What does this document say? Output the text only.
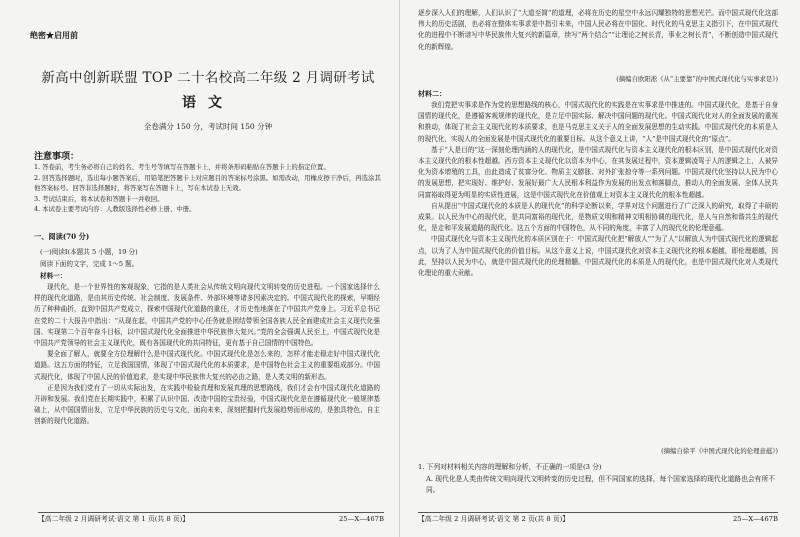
绝密★启用前
新高中创新联盟 TOP 二十名校高二年级 2 月调研考试
语文
全卷满分 150 分，考试时间 150 分钟
注意事项：

1. 答卷前，考生务必将自己的姓名、考生号等填写在答题卡上，并将条形码粘贴在答题卡上的指定位置。

2. 回答选择题时，选出每小题答案后，用铅笔把答题卡上对应题目的答案标号涂黑。如需改动，用橡皮擦干净后，再选涂其他答案标号。回答非选择题时，将答案写在答题卡上，写在本试卷上无效。

3. 考试结束后，将本试卷和答题卡一并收回。

4. 本试卷主要考试内容：人教版选择性必修上册、中册。

一、阅读(70 分)
(一)阅读Ⅰ(本题共 5 小题，19 分)
阅读下面的文字，完成 1～5 题。
材料一：

现代化，是一个世界性的客观现象，它指的是人类社会从传统文明向现代文明转变的历史进程。一个国家选择什么样的现代化道路，是由其历史传统、社会制度、发展条件、外部环境等诸多因素决定的。中国式现代化的探索，早期经历了种种曲折，直到中国共产党成立，探索中国现代化道路的重任，才历史性地落在了中国共产党身上。习近平总书记在党的二十大报告中指出：“从现在起，中国共产党的中心任务就是团结带领全国各族人民全面建成社会主义现代化强国、实现第二个百年奋斗目标，以中国式现代化全面推进中华民族伟大复兴。”党的全会强调人民至上，中国式现代化是中国共产党领导的社会主义现代化，既有各国现代化的共同特征，更有基于自己国情的中国特色。

要全面了解人，就要全方位理解什么是中国式现代化。中国式现代化是怎么来的，怎样才能走稳走好中国式现代化道路。这五方面的特征，立足我国国情，体现了中国式现代化的本质要求，是中国特色社会主义的重要组成部分。中国式现代化，体现了中国人民的价值追求，是实现中华民族伟大复兴的必由之路，是人类文明的新形态。

正是因为我们党有了一切从实际出发，在实践中检验真理和发展真理的思想路线，我们才会有中国式现代化道路的开辟和发展。我们党在长期实践中，积累了认识中国、改造中国的宝贵经验，中国式现代化是在遵循现代化一般规律基础上，从中国国情出发，立足中华民族的历史与文化，面向未来，深刻把握时代发展趋势而形成的，是独具特色、自主创新的现代化道路。

【高二年级 2 月调研考试·语文 第 1 页(共 8 页)】	25—X—467B

逐步深入人们的理解，人们认识了“大道至简”的道理，必将在历史的星空中永远闪耀独特的思想光芒。而中国式现代化这部伟大的历史活剧，也必将在整体实事求是中指引未来，中国人民必将在中国化、时代化的马克思主义指引下，在中国式现代化的进程中不断谱写中华民族伟大复兴的新篇章，续写“两个结合”“让理论之树长青，事业之树长青”，不断创造中国式现代化的新辉煌。

(摘编自欧阳淞《从“主要靠”的中国式现代化与实事求是》)
材料二：

我们党把实事求是作为党的思想路线的核心，中国式现代化的实践是在实事求是中推进的。中国式现代化，是基于自身国情的现代化，是遵循客观规律的现代化，是立足中国实际、解决中国问题的现代化。中国式现代化对人的全面发展的重视和推动，体现了社会主义现代化的本质要求，也是马克思主义关于人的全面发展思想的生动实践。中国式现代化的本质是人的现代化，实现人的全面发展是中国式现代化的重要目标。从这个意义上讲，“人”是中国式现代化的“原点”。

基于“人是目的”这一深刻伦理内涵的人的现代化，是中国式现代化与资本主义现代化的根本区别，是中国式现代化对资本主义现代化的根本性超越。西方资本主义现代化以资本为中心，在其发展过程中，资本逻辑凌驾于人的逻辑之上，人被异化为资本增殖的工具，由此造成了贫富分化、物质主义膨胀、对外扩张掠夺等一系列问题。中国式现代化坚持以人民为中心的发展思想，把实现好、维护好、发展好最广大人民根本利益作为发展的出发点和落脚点，推动人的全面发展、全体人民共同富裕取得更为明显的实质性进展，这是中国式现代化在价值观上对资本主义现代化的根本性超越。

自从提出“中国式现代化的本质是人的现代化”的科学论断以来，学界对这个问题进行了广泛深入的研究，取得了丰硕的成果。以人民为中心的现代化，是共同富裕的现代化，是物质文明和精神文明相协调的现代化，是人与自然和谐共生的现代化，是走和平发展道路的现代化。这五个方面的中国特色，从不同的角度，丰富了人的现代化的伦理意蕴。

中国式现代化与资本主义现代化的本质区别在于：中国式现代化把“解放人”“为了人”以解放人为中国式现代化的逻辑起点，以为了人为中国式现代化的价值目标。从这个意义上说，中国式现代化对资本主义现代化的根本超越，即伦理超越，因此，坚持以人民为中心，就是中国式现代化的伦理精髓。中国式现代化的本质是人的现代化，也是中国式现代化对人类现代化理论的重大贡献。

(摘编自徐平《中国式现代化的伦理意蕴》)
1. 下列对材料相关内容的理解和分析，不正确的一项是(3 分)
A. 现代化是人类由传统文明向现代文明转变的历史过程，但不同国家的选择，每个国家选择的现代化道路也会有所不同。
【高二年级 2 月调研考试·语文 第 2 页(共 8 页)】	25—X—467B
